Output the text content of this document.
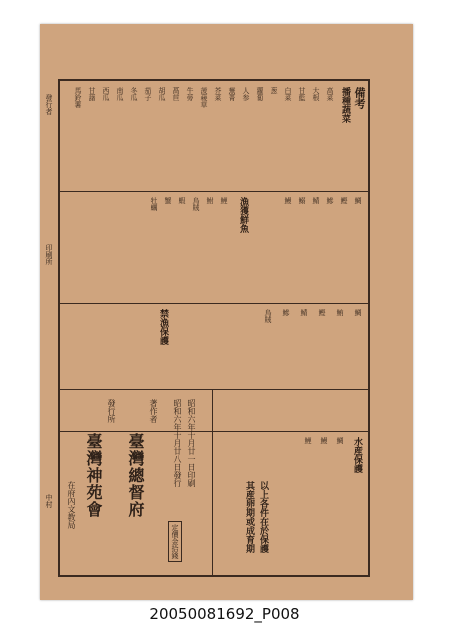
備考
播種蔬菜
高菜
大根
甘藍
白菜
葱
蘿蔔
人参
蕪菁
芥菜
菠薐草
牛蒡
萵苣
胡瓜
茄子
冬瓜
南瓜
西瓜
甘藷
馬鈴薯
漁獲鮮魚	鯛
鰹
鰺
鯖
鰯
鰻
鯉
鮒
烏賊
蝦
蟹
牡蠣
禁漁保護	鯛
鮪
鰹
鯖
鰺
烏賊
水産保護
鯛
鰻
鯉
以上各件在於保護
其産卵期或成育期
昭和六年十月廿一日印刷
昭和六年十月廿八日發行
定價金拾錢
著作者
臺灣總督府
發行所
臺灣神苑會
在府內文教局
發行者
印刷所
中村
20050081692_P008
